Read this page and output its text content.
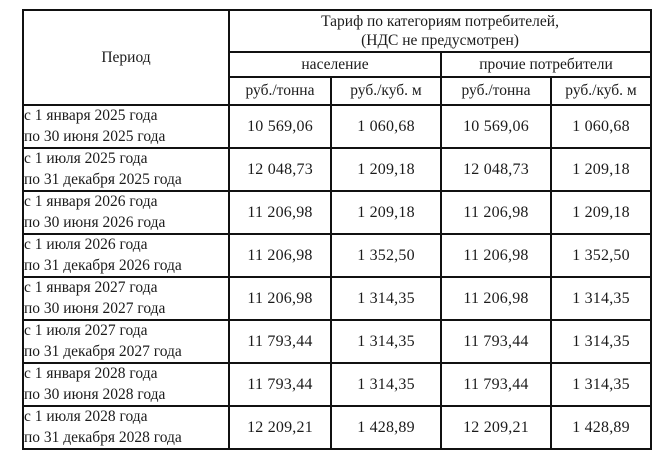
Период	Тариф по категориям потребителей,
(НДС не предусмотрен)			

	население		прочие потребители	
	руб./тонна	руб./куб. м	руб./тонна	руб./куб. м

с 1 января 2025 года
по 30 июня 2025 года	10 569,06	1 060,68	10 569,06	1 060,68

с 1 июля 2025 года
по 31 декабря 2025 года	12 048,73	1 209,18	12 048,73	1 209,18

с 1 января 2026 года
по 30 июня 2026 года	11 206,98	1 209,18	11 206,98	1 209,18

с 1 июля 2026 года
по 31 декабря 2026 года	11 206,98	1 352,50	11 206,98	1 352,50

с 1 января 2027 года
по 30 июня 2027 года	11 206,98	1 314,35	11 206,98	1 314,35

с 1 июля 2027 года
по 31 декабря 2027 года	11 793,44	1 314,35	11 793,44	1 314,35

с 1 января 2028 года
по 30 июня 2028 года	11 793,44	1 314,35	11 793,44	1 314,35

с 1 июля 2028 года
по 31 декабря 2028 года	12 209,21	1 428,89	12 209,21	1 428,89
